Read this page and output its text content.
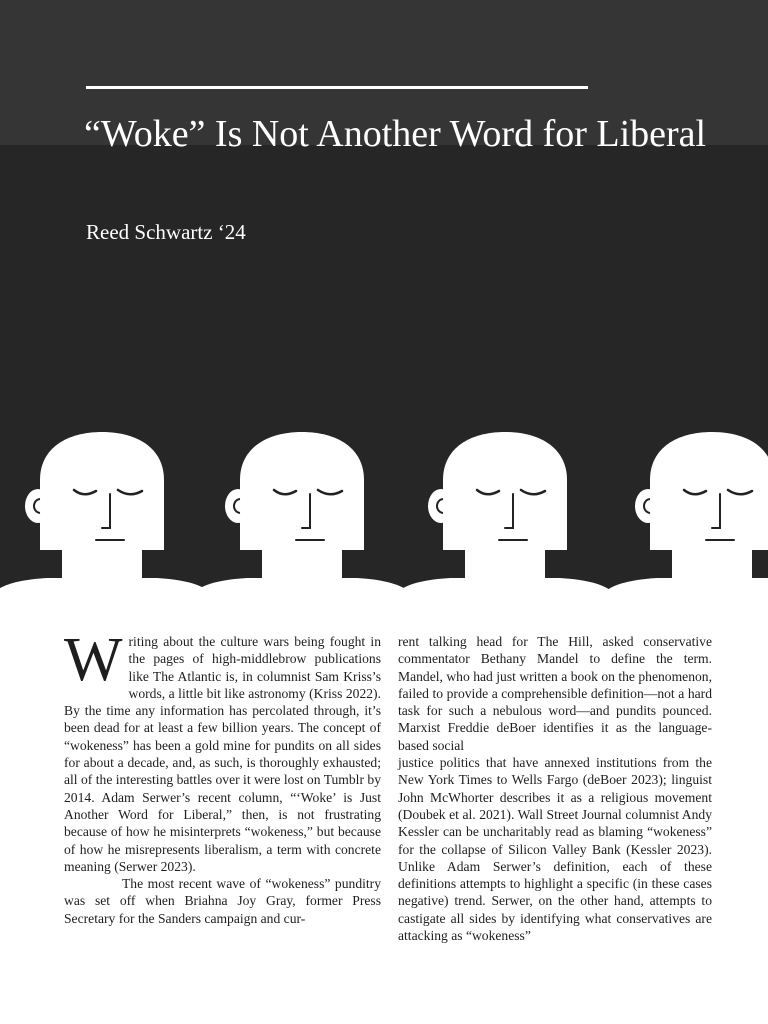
“Woke” Is Not Another Word for Liberal
Reed Schwartz ‘24

Writing about the culture wars being fought in the pages of high-middlebrow publications like The Atlantic is, in columnist Sam Kriss’s words, a little bit like astronomy (Kriss 2022). By the time any information has percolated through, it’s been dead for at least a few billion years. The concept of “wokeness” has been a gold mine for pundits on all sides for about a decade, and, as such, is thoroughly exhausted; all of the interesting battles over it were lost on Tumblr by 2014. Adam Serwer’s recent column, “‘Woke’ is Just Another Word for Liberal,” then, is not frustrating because of how he misinterprets “wokeness,” but because of how he misrepresents liberalism, a term with concrete meaning (Serwer 2023).

The most recent wave of “wokeness” punditry was set off when Briahna Joy Gray, former Press Secretary for the Sanders campaign and cur-

rent talking head for The Hill, asked conservative commentator Bethany Mandel to define the term. Mandel, who had just written a book on the phenomenon, failed to provide a comprehensible definition—not a hard task for such a nebulous word—and pundits pounced. Marxist Freddie deBoer identifies it as the language-based social

justice politics that have annexed institutions from the New York Times to Wells Fargo (deBoer 2023); linguist John McWhorter describes it as a religious movement (Doubek et al. 2021). Wall Street Journal columnist Andy Kessler can be uncharitably read as blaming “wokeness” for the collapse of Silicon Valley Bank (Kessler 2023). Unlike Adam Serwer’s definition, each of these definitions attempts to highlight a specific (in these cases negative) trend. Serwer, on the other hand, attempts to castigate all sides by identifying what conservatives are attacking as “wokeness”
